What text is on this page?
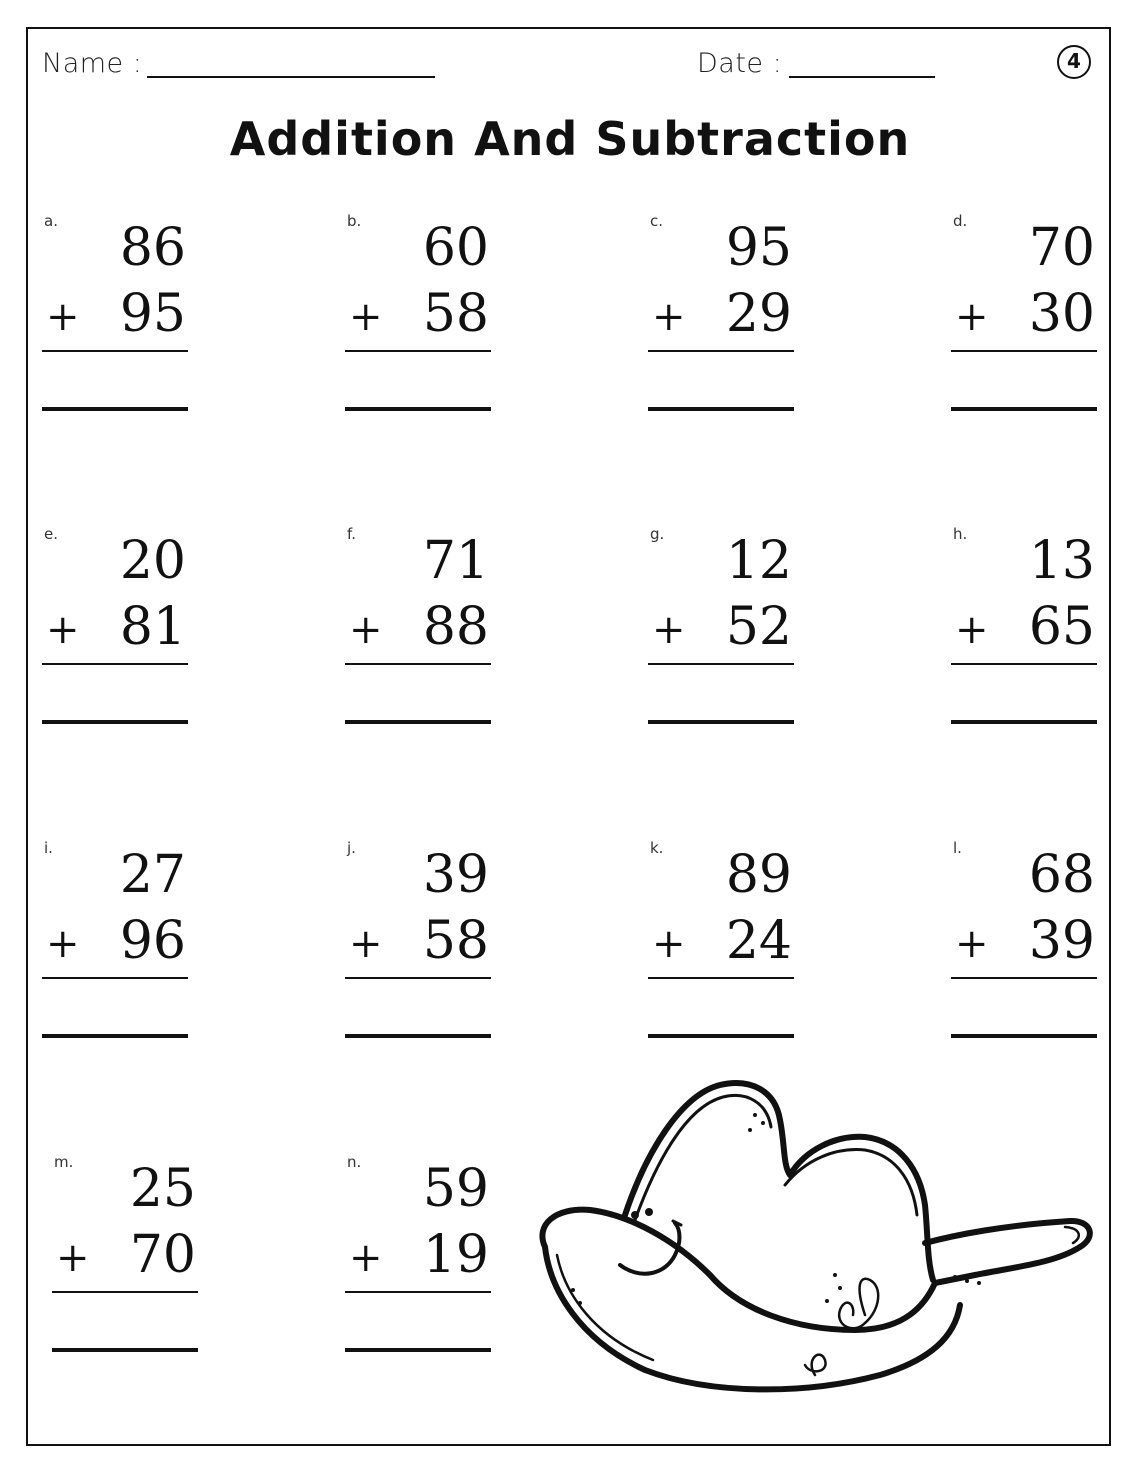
Name :	Date :	4
Addition And Subtraction
a. 86
+ 95
b. 60
+ 58
c. 95
+ 29
d. 70
+ 30
e. 20
+ 81
f. 71
+ 88
g. 12
+ 52
h. 13
+ 65
i. 27
+ 96
j. 39
+ 58
k. 89
+ 24
l. 68
+ 39
m. 25
+ 70
n. 59
+ 19
